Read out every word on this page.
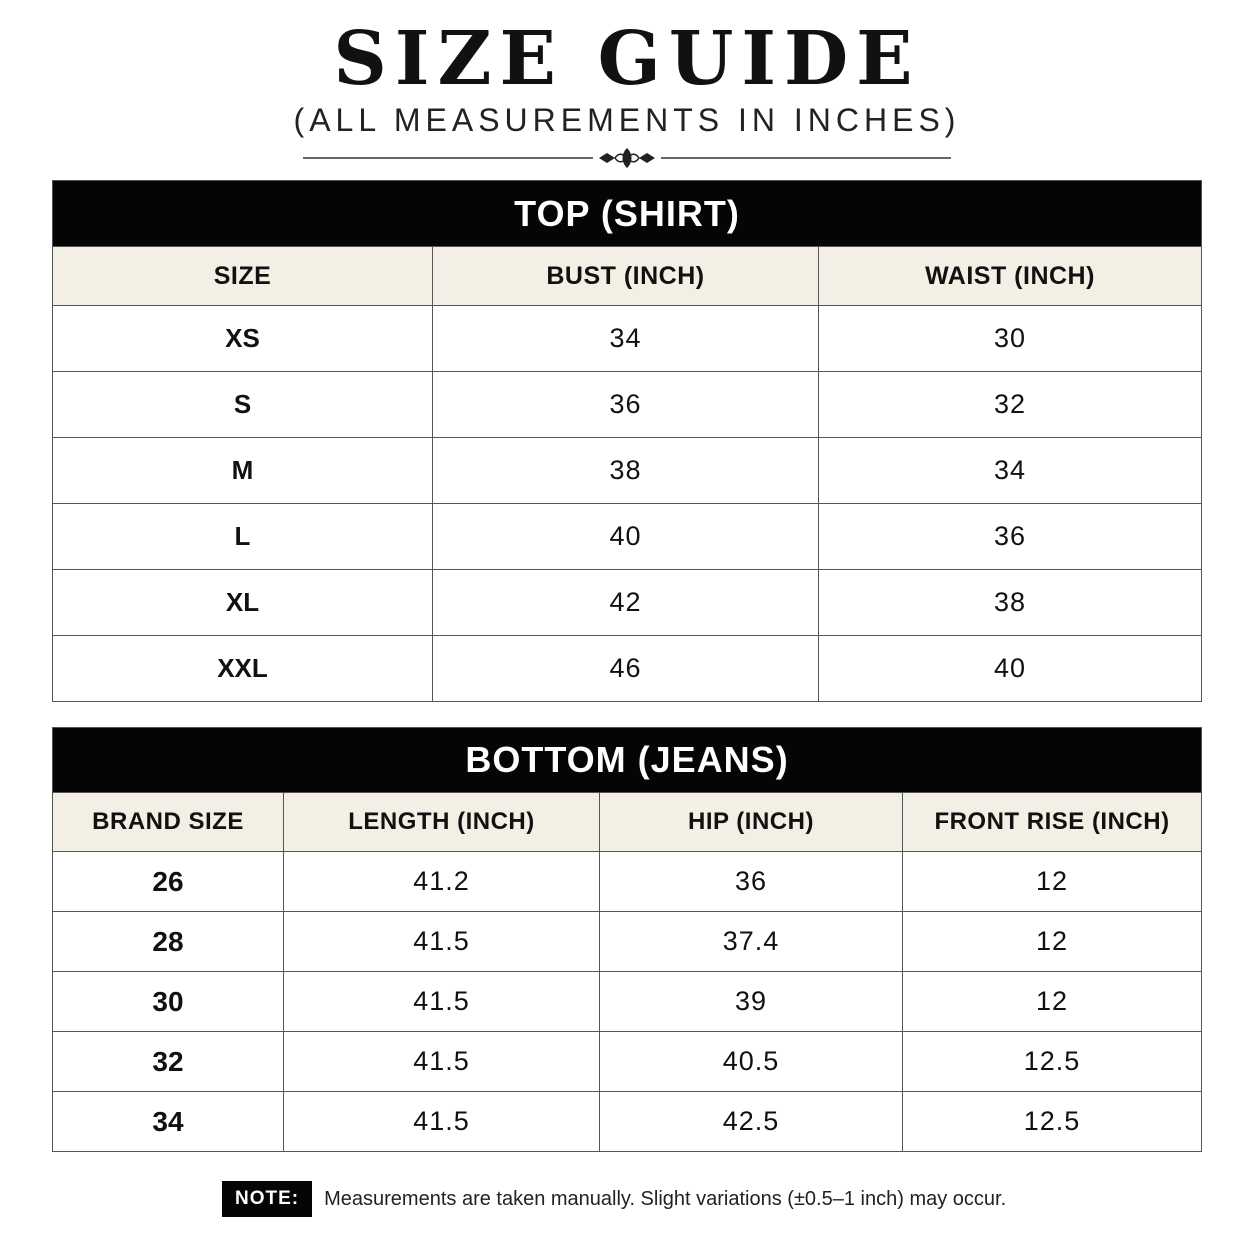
SIZE GUIDE
(ALL MEASUREMENTS IN INCHES)
TOP (SHIRT)		
SIZE	BUST (INCH)	WAIST (INCH)
XS	34	30
S	36	32
M	38	34
L	40	36
XL	42	38
XXL	46	40
BOTTOM (JEANS)			
BRAND SIZE	LENGTH (INCH)	HIP (INCH)	FRONT RISE (INCH)
26	41.2	36	12
28	41.5	37.4	12
30	41.5	39	12
32	41.5	40.5	12.5
34	41.5	42.5	12.5
NOTE:	Measurements are taken manually. Slight variations (±0.5–1 inch) may occur.
